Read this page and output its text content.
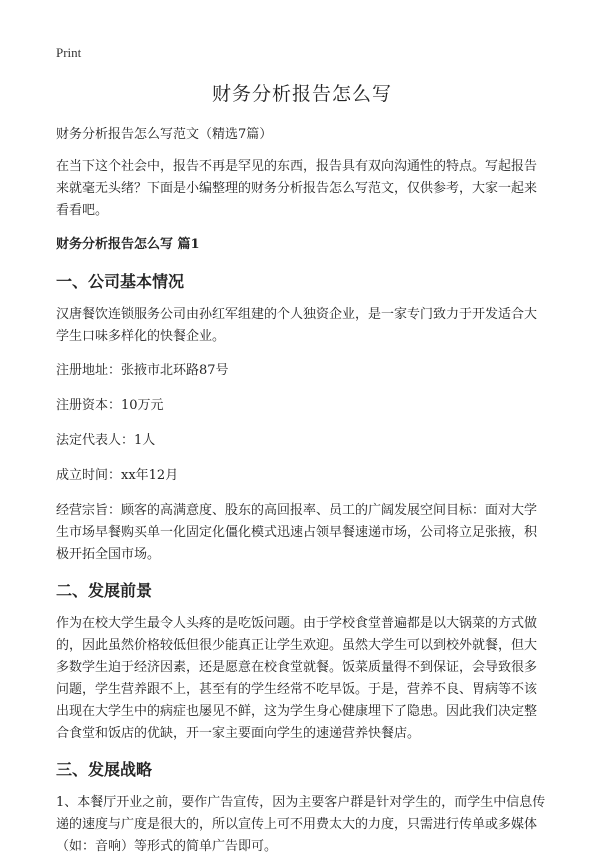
Print
财务分析报告怎么写

财务分析报告怎么写范文（精选7篇）

在当下这个社会中，报告不再是罕见的东西，报告具有双向沟通性的特点。写起报告来就毫无头绪？下面是小编整理的财务分析报告怎么写范文，仅供参考，大家一起来看看吧。

财务分析报告怎么写 篇1
一、公司基本情况

汉唐餐饮连锁服务公司由孙红军组建的个人独资企业，是一家专门致力于开发适合大学生口味多样化的快餐企业。

注册地址：张掖市北环路87号

注册资本：10万元

法定代表人：1人

成立时间：xx年12月

经营宗旨：顾客的高满意度、股东的高回报率、员工的广阔发展空间目标：面对大学生市场早餐购买单一化固定化僵化模式迅速占领早餐速递市场，公司将立足张掖，积极开拓全国市场。

二、发展前景

作为在校大学生最令人头疼的是吃饭问题。由于学校食堂普遍都是以大锅菜的方式做的，因此虽然价格较低但很少能真正让学生欢迎。虽然大学生可以到校外就餐，但大多数学生迫于经济因素，还是愿意在校食堂就餐。饭菜质量得不到保证，会导致很多问题，学生营养跟不上，甚至有的学生经常不吃早饭。于是，营养不良、胃病等不该出现在大学生中的病症也屡见不鲜，这为学生身心健康埋下了隐患。因此我们决定整合食堂和饭店的优缺，开一家主要面向学生的速递营养快餐店。

三、发展战略

1、本餐厅开业之前，要作广告宣传，因为主要客户群是针对学生的，而学生中信息传递的速度与广度是很大的，所以宣传上可不用费太大的力度，只需进行传单或多媒体（如：音响）等形式的简单广告即可。
